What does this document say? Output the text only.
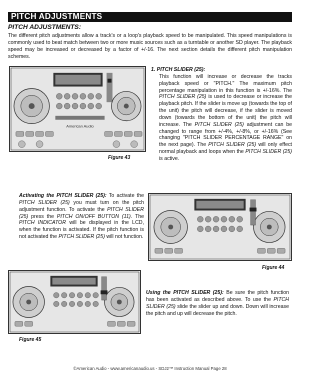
PITCH ADJUSTMENTS
PITCH ADJUSTMENTS:

The different pitch adjustments allow a track's or a loop's playback speed to be manipulated. This speed manipulations is commonly used to beat match between two or more music sources such as a turntable or another SD player. The playback speed may be increased or decreased by a factor of +/-16. The next section details the different pitch manipulation schemes.

American Audio
Figure 43

1. PITCH SLIDER (25):
This function will increase or decrease the tracks playback speed or "PITCH." The maximum pitch percentage manipulation in this function is +/-16%. The PITCH SLIDER (25) is used to decrease or increase the playback pitch. If the slider is move up (towards the top of the unit) the pitch will decrease, if the slider is moved down (towards the bottom of the unit) the pitch will increase. The PITCH SLIDER (25) adjustment can be changed to range from +/-4%, +/-8%, or +/-16% (See changing "PITCH SLIDER PERCENTAGE RANGE" on the next page). The PITCH SLIDER (25) will only effect normal playback and loops when the PITCH SLIDER (25) is active.

Figure 44

Activating the PITCH SLIDER (25): To activate the PITCH SLIDER (25) you must turn on the pitch adjustment function. To activate the PITCH SLIDER (25) press the PITCH ON/OFF BUTTON (11). The PITCH INDICATOR will be displayed in the LCD, when the function is activated. If the pitch function is not activated the PITCH SLIDER (25) will not function.

Figure 45

Using the PITCH SLIDER (25): Be sure the pitch function has been activated as described above. To use the PITCH SLIDER (25) slide the slider up and down. Down will increase the pitch and up will decrease the pitch.

©American Audio - www.americanaudio.us - SDJ2™ Instruction Manual Page 28
